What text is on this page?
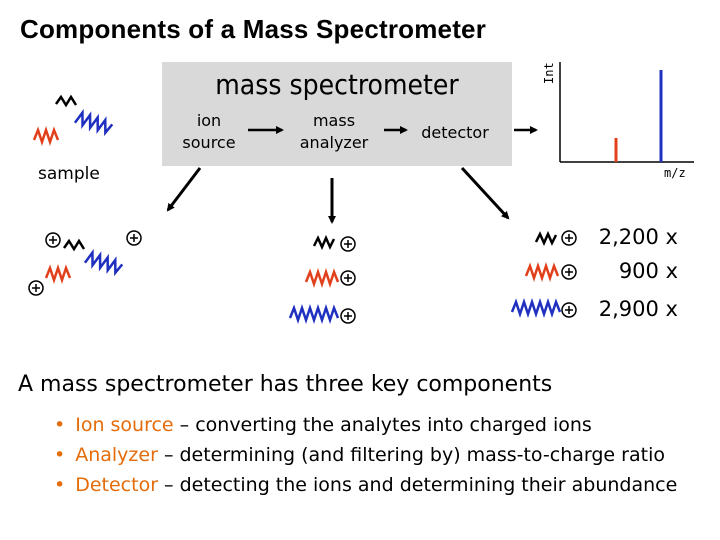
Components of a Mass Spectrometer
mass spectrometer
ion
source
mass
analyzer
detector
sample
Int
m/z
2,200 x
900 x
2,900 x
A mass spectrometer has three key components
• Ion source – converting the analytes into charged ions
• Analyzer – determining (and filtering by) mass-to-charge ratio
• Detector – detecting the ions and determining their abundance
